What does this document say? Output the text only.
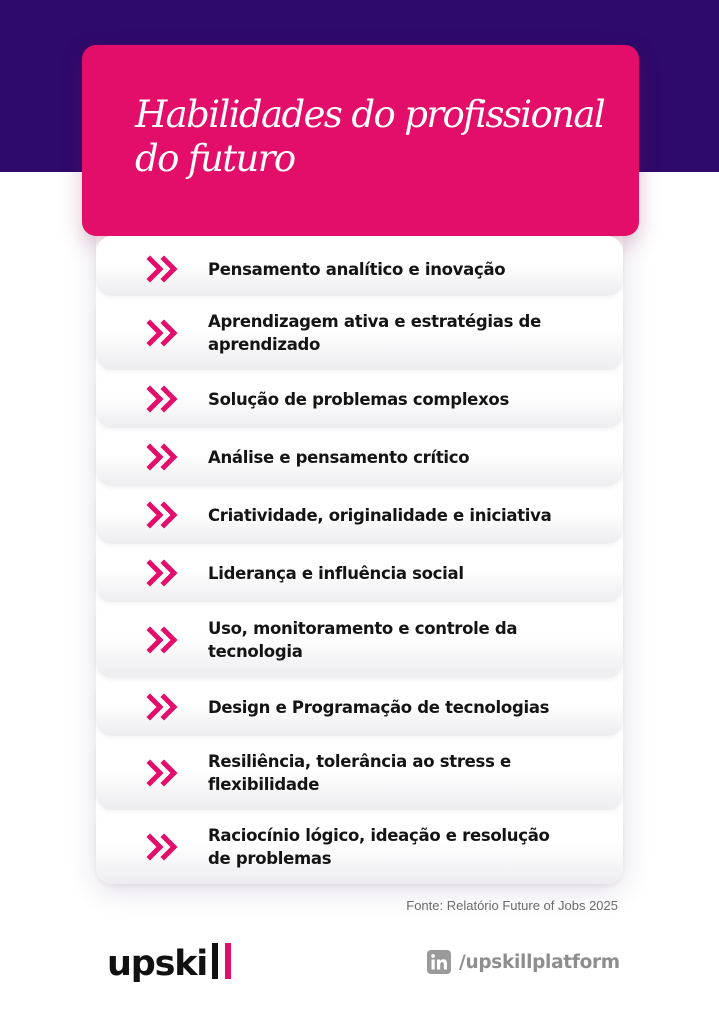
Pensamento analítico e inovação
Aprendizagem ativa e estratégias de
aprendizado
Solução de problemas complexos
Análise e pensamento crítico
Criatividade, originalidade e iniciativa
Liderança e influência social
Uso, monitoramento e controle da
tecnologia
Design e Programação de tecnologias
Resiliência, tolerância ao stress e
flexibilidade
Raciocínio lógico, ideação e resolução
de problemas
Habilidades do profissional
do futuro
Fonte: Relatório Future of Jobs 2025
upski	/upskillplatform
